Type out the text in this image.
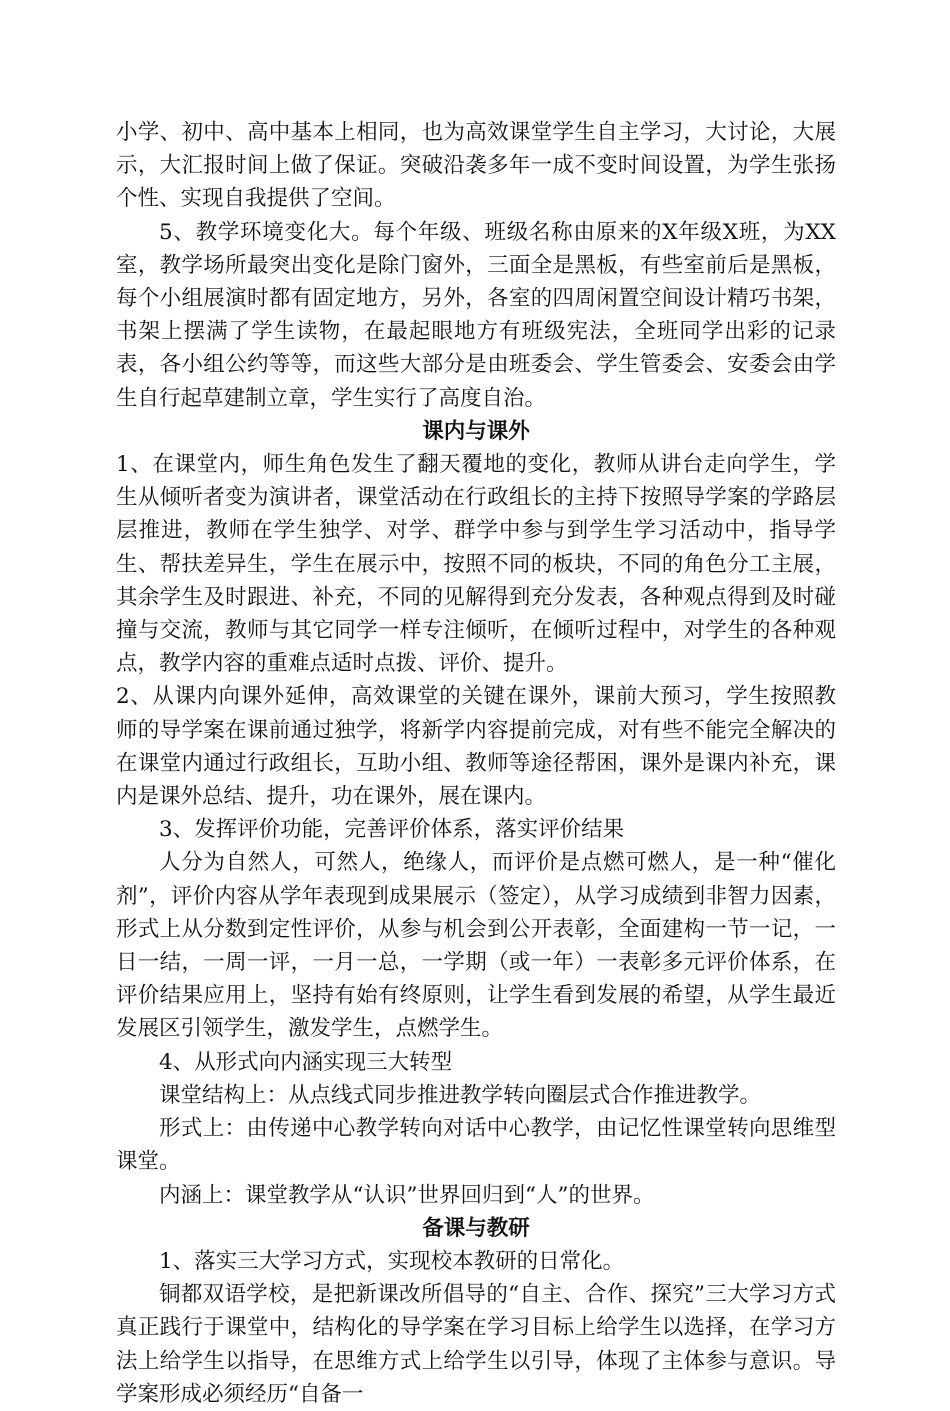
小学、初中、高中基本上相同，也为高效课堂学生自主学习，大讨论，大展示，大汇报时间上做了保证。突破沿袭多年一成不变时间设置，为学生张扬个性、实现自我提供了空间。

5、教学环境变化大。每个年级、班级名称由原来的X年级X班，为XX室，教学场所最突出变化是除门窗外，三面全是黑板，有些室前后是黑板，每个小组展演时都有固定地方，另外，各室的四周闲置空间设计精巧书架，书架上摆满了学生读物，在最起眼地方有班级宪法，全班同学出彩的记录表，各小组公约等等，而这些大部分是由班委会、学生管委会、安委会由学生自行起草建制立章，学生实行了高度自治。

课内与课外

1、在课堂内，师生角色发生了翻天覆地的变化，教师从讲台走向学生，学生从倾听者变为演讲者，课堂活动在行政组长的主持下按照导学案的学路层层推进，教师在学生独学、对学、群学中参与到学生学习活动中，指导学生、帮扶差异生，学生在展示中，按照不同的板块，不同的角色分工主展，其余学生及时跟进、补充，不同的见解得到充分发表，各种观点得到及时碰撞与交流，教师与其它同学一样专注倾听，在倾听过程中，对学生的各种观点，教学内容的重难点适时点拨、评价、提升。

2、从课内向课外延伸，高效课堂的关键在课外，课前大预习，学生按照教师的导学案在课前通过独学，将新学内容提前完成，对有些不能完全解决的在课堂内通过行政组长，互助小组、教师等途径帮困，课外是课内补充，课内是课外总结、提升，功在课外，展在课内。

3、发挥评价功能，完善评价体系，落实评价结果

人分为自然人，可然人，绝缘人，而评价是点燃可燃人，是一种“催化剂”，评价内容从学年表现到成果展示（签定），从学习成绩到非智力因素，形式上从分数到定性评价，从参与机会到公开表彰，全面建构一节一记，一日一结，一周一评，一月一总，一学期（或一年）一表彰多元评价体系，在评价结果应用上，坚持有始有终原则，让学生看到发展的希望，从学生最近发展区引领学生，激发学生，点燃学生。

4、从形式向内涵实现三大转型

课堂结构上：从点线式同步推进教学转向圈层式合作推进教学。

形式上：由传递中心教学转向对话中心教学，由记忆性课堂转向思维型课堂。

内涵上：课堂教学从“认识”世界回归到“人”的世界。

备课与教研

1、落实三大学习方式，实现校本教研的日常化。

铜都双语学校，是把新课改所倡导的“自主、合作、探究”三大学习方式真正践行于课堂中，结构化的导学案在学习目标上给学生以选择，在学习方法上给学生以指导，在思维方式上给学生以引导，体现了主体参与意识。导学案形成必须经历“自备一
